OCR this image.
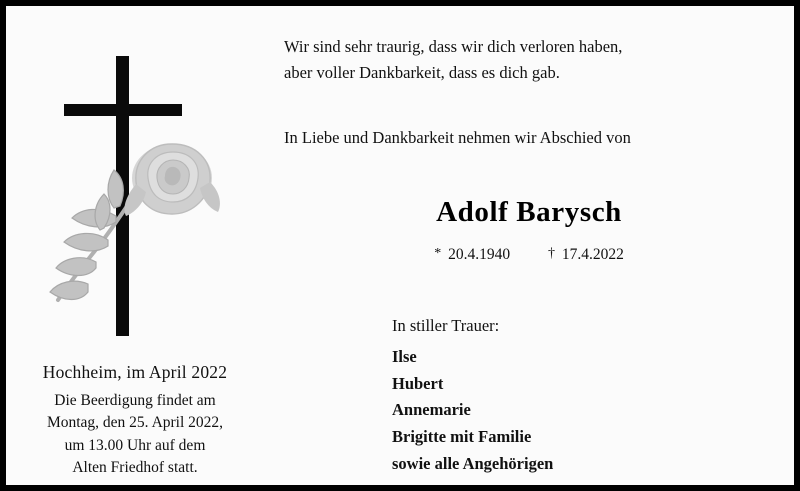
Hochheim, im April 2022
Die Beerdigung findet am
Montag, den 25. April 2022,
um 13.00 Uhr auf dem
Alten Friedhof statt.
Wir sind sehr traurig, dass wir dich verloren haben,
aber voller Dankbarkeit, dass es dich gab.
In Liebe und Dankbarkeit nehmen wir Abschied von
Adolf Barysch
* 20.4.1940	† 17.4.2022
In stiller Trauer:
Ilse
Hubert
Annemarie
Brigitte mit Familie
sowie alle Angehörigen
